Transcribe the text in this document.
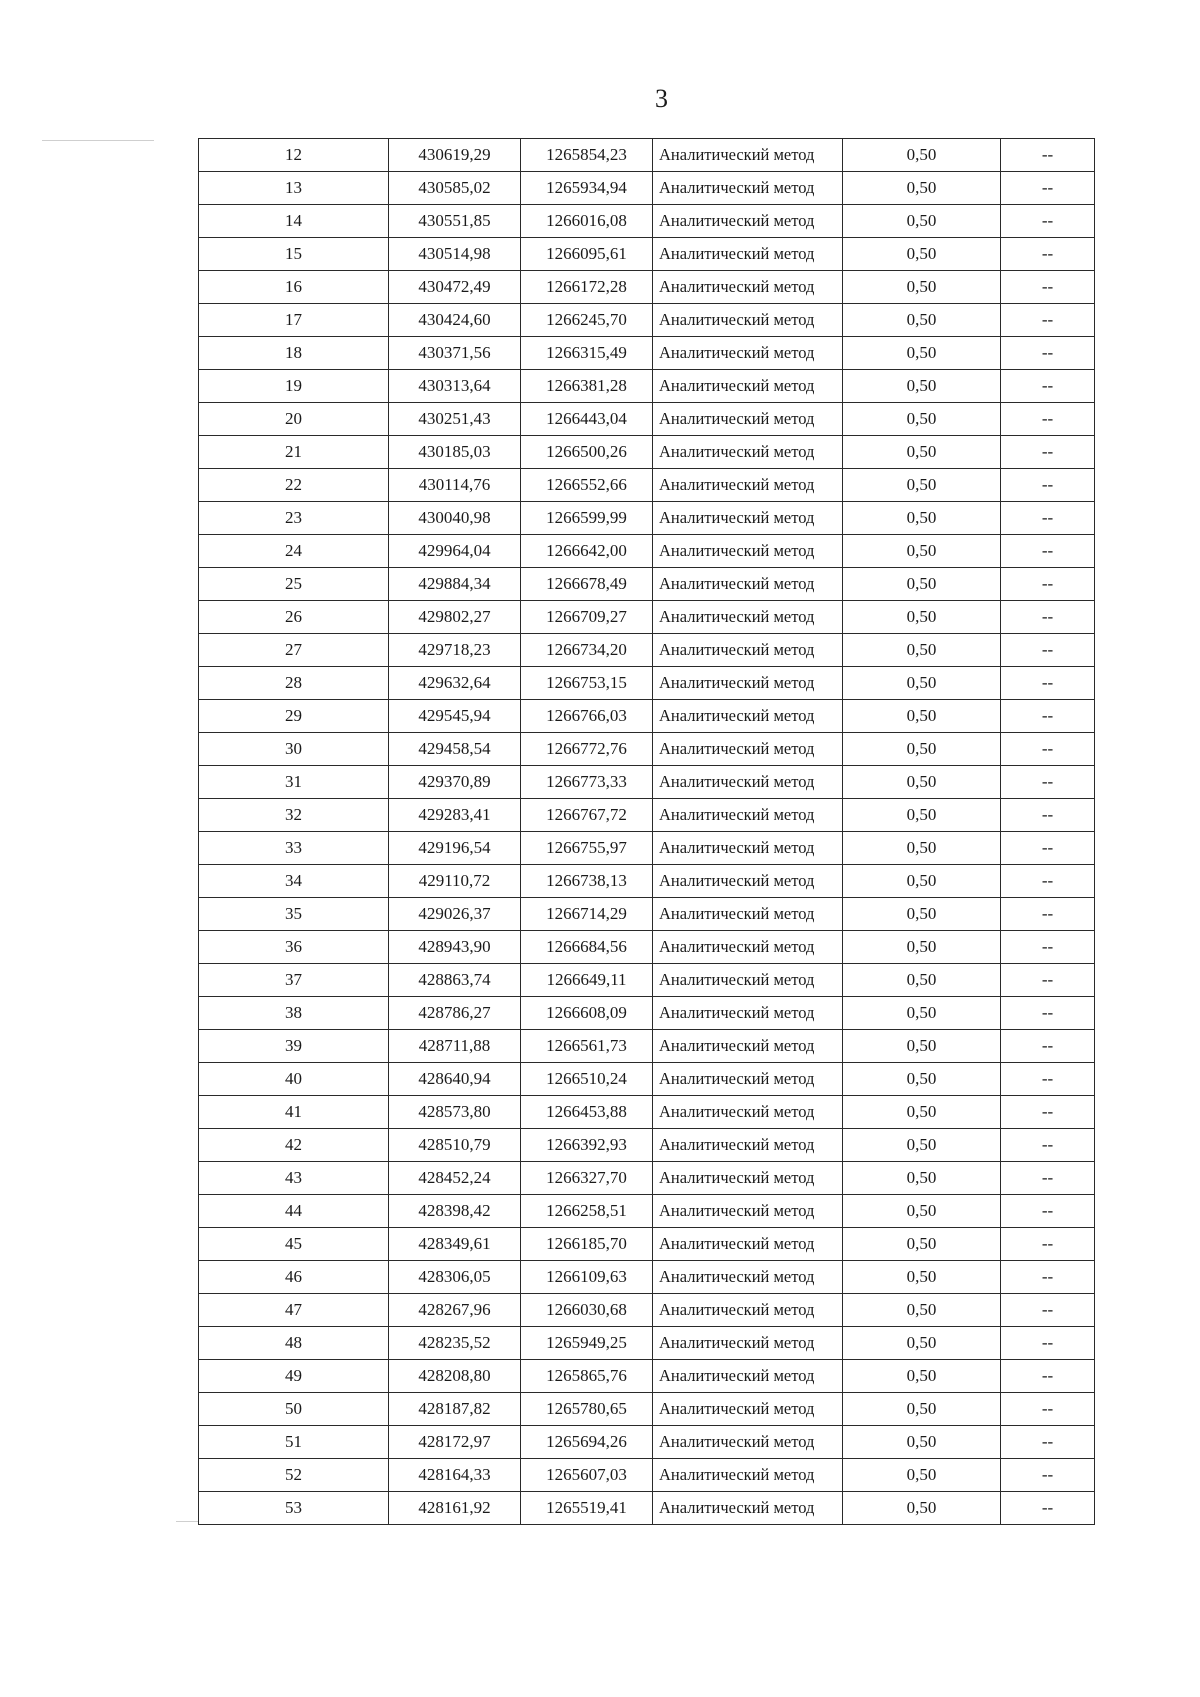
3
12	430619,29	1265854,23	Аналитический метод	0,50	--
13	430585,02	1265934,94	Аналитический метод	0,50	--
14	430551,85	1266016,08	Аналитический метод	0,50	--
15	430514,98	1266095,61	Аналитический метод	0,50	--
16	430472,49	1266172,28	Аналитический метод	0,50	--
17	430424,60	1266245,70	Аналитический метод	0,50	--
18	430371,56	1266315,49	Аналитический метод	0,50	--
19	430313,64	1266381,28	Аналитический метод	0,50	--
20	430251,43	1266443,04	Аналитический метод	0,50	--
21	430185,03	1266500,26	Аналитический метод	0,50	--
22	430114,76	1266552,66	Аналитический метод	0,50	--
23	430040,98	1266599,99	Аналитический метод	0,50	--
24	429964,04	1266642,00	Аналитический метод	0,50	--
25	429884,34	1266678,49	Аналитический метод	0,50	--
26	429802,27	1266709,27	Аналитический метод	0,50	--
27	429718,23	1266734,20	Аналитический метод	0,50	--
28	429632,64	1266753,15	Аналитический метод	0,50	--
29	429545,94	1266766,03	Аналитический метод	0,50	--
30	429458,54	1266772,76	Аналитический метод	0,50	--
31	429370,89	1266773,33	Аналитический метод	0,50	--
32	429283,41	1266767,72	Аналитический метод	0,50	--
33	429196,54	1266755,97	Аналитический метод	0,50	--
34	429110,72	1266738,13	Аналитический метод	0,50	--
35	429026,37	1266714,29	Аналитический метод	0,50	--
36	428943,90	1266684,56	Аналитический метод	0,50	--
37	428863,74	1266649,11	Аналитический метод	0,50	--
38	428786,27	1266608,09	Аналитический метод	0,50	--
39	428711,88	1266561,73	Аналитический метод	0,50	--
40	428640,94	1266510,24	Аналитический метод	0,50	--
41	428573,80	1266453,88	Аналитический метод	0,50	--
42	428510,79	1266392,93	Аналитический метод	0,50	--
43	428452,24	1266327,70	Аналитический метод	0,50	--
44	428398,42	1266258,51	Аналитический метод	0,50	--
45	428349,61	1266185,70	Аналитический метод	0,50	--
46	428306,05	1266109,63	Аналитический метод	0,50	--
47	428267,96	1266030,68	Аналитический метод	0,50	--
48	428235,52	1265949,25	Аналитический метод	0,50	--
49	428208,80	1265865,76	Аналитический метод	0,50	--
50	428187,82	1265780,65	Аналитический метод	0,50	--
51	428172,97	1265694,26	Аналитический метод	0,50	--
52	428164,33	1265607,03	Аналитический метод	0,50	--
53	428161,92	1265519,41	Аналитический метод	0,50	--
